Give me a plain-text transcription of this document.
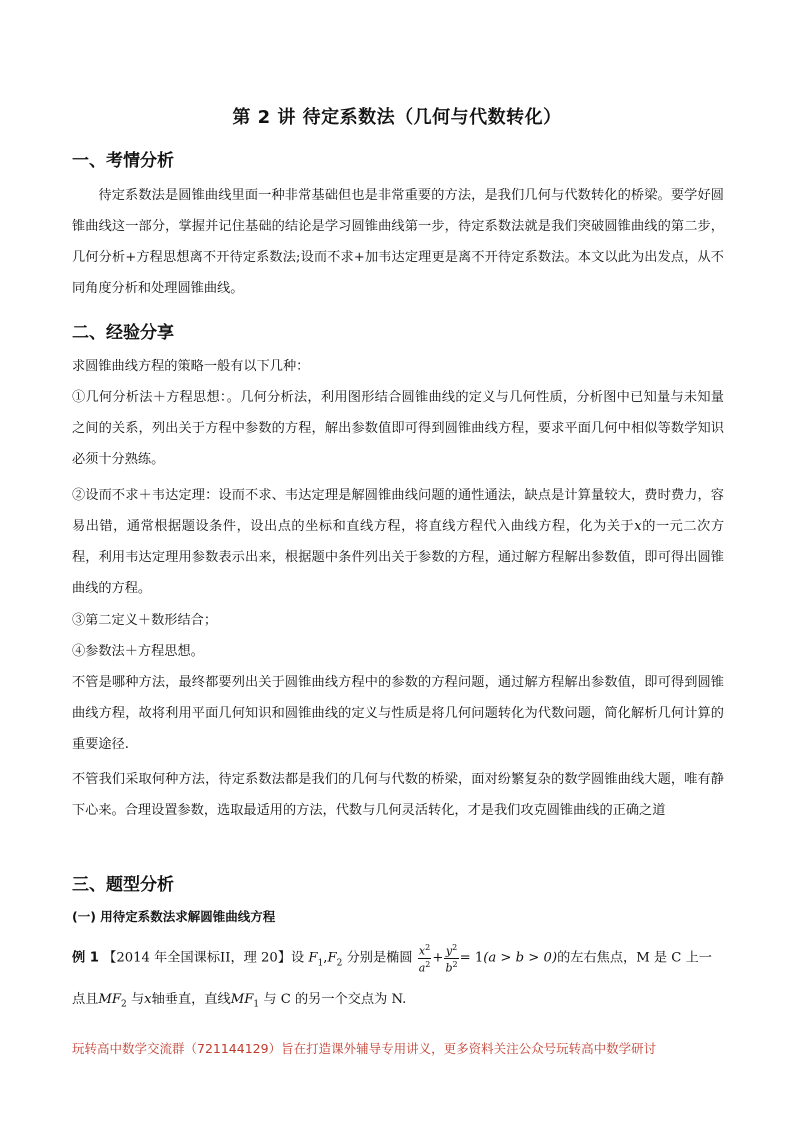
第 2 讲 待定系数法（几何与代数转化）
一、考情分析
待定系数法是圆锥曲线里面一种非常基础但也是非常重要的方法，是我们几何与代数转化的桥梁。要学好圆锥曲线这一部分，掌握并记住基础的结论是学习圆锥曲线第一步，待定系数法就是我们突破圆锥曲线的第二步，几何分析+方程思想离不开待定系数法;设而不求+加韦达定理更是离不开待定系数法。本文以此为出发点，从不同角度分析和处理圆锥曲线。
二、经验分享
求圆锥曲线方程的策略一般有以下几种：
①几何分析法＋方程思想：。几何分析法，利用图形结合圆锥曲线的定义与几何性质，分析图中已知量与未知量之间的关系，列出关于方程中参数的方程，解出参数值即可得到圆锥曲线方程，要求平面几何中相似等数学知识必须十分熟练。
②设而不求＋韦达定理：设而不求、韦达定理是解圆锥曲线问题的通性通法，缺点是计算量较大，费时费力，容易出错，通常根据题设条件，设出点的坐标和直线方程，将直线方程代入曲线方程，化为关于x的一元二次方程，利用韦达定理用参数表示出来，根据题中条件列出关于参数的方程，通过解方程解出参数值，即可得出圆锥曲线的方程。
③第二定义＋数形结合；
④参数法＋方程思想。
不管是哪种方法，最终都要列出关于圆锥曲线方程中的参数的方程问题，通过解方程解出参数值，即可得到圆锥曲线方程，故将利用平面几何知识和圆锥曲线的定义与性质是将几何问题转化为代数问题，简化解析几何计算的重要途径.
不管我们采取何种方法，待定系数法都是我们的几何与代数的桥梁，面对纷繁复杂的数学圆锥曲线大题，唯有静下心来。合理设置参数，选取最适用的方法，代数与几何灵活转化，才是我们攻克圆锥曲线的正确之道
三、题型分析
(一) 用待定系数法求解圆锥曲线方程
例 1 【2014 年全国课标II，理 20】设 $F_1,F_2$ 分别是椭圆 $\frac{x^2}{a^2} + \frac{y^2}{b^2} = 1(a > b > 0)$的左右焦点，M 是 C 上一
点且$MF_2$ 与x轴垂直，直线$MF_1$ 与 C 的另一个交点为 N.
玩转高中数学交流群（721144129）旨在打造课外辅导专用讲义，更多资料关注公众号玩转高中数学研讨
